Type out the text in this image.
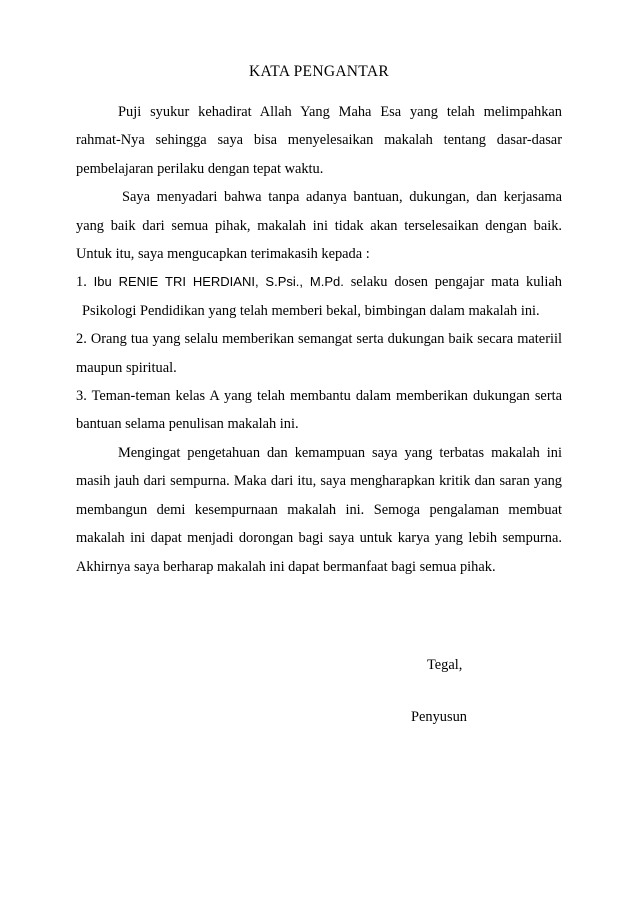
KATA PENGANTAR

Puji syukur kehadirat Allah Yang Maha Esa yang telah melimpahkan rahmat-Nya sehingga saya bisa menyelesaikan makalah tentang dasar-dasar pembelajaran perilaku dengan tepat waktu.

Saya menyadari bahwa tanpa adanya bantuan, dukungan, dan kerjasama yang baik dari semua pihak, makalah ini tidak akan terselesaikan dengan baik. Untuk itu, saya mengucapkan terimakasih kepada :

1. Ibu RENIE TRI HERDIANI, S.Psi., M.Pd. selaku dosen pengajar mata kuliah Psikologi Pendidikan yang telah memberi bekal, bimbingan dalam makalah ini.

2. Orang tua yang selalu memberikan semangat serta dukungan baik secara materiil maupun spiritual.

3. Teman-teman kelas A yang telah membantu dalam memberikan dukungan serta bantuan selama penulisan makalah ini.

Mengingat pengetahuan dan kemampuan saya yang terbatas makalah ini masih jauh dari sempurna. Maka dari itu, saya mengharapkan kritik dan saran yang membangun demi kesempurnaan makalah ini. Semoga pengalaman membuat makalah ini dapat menjadi dorongan bagi saya untuk karya yang lebih sempurna. Akhirnya saya berharap makalah ini dapat bermanfaat bagi semua pihak.

Tegal,
Penyusun
